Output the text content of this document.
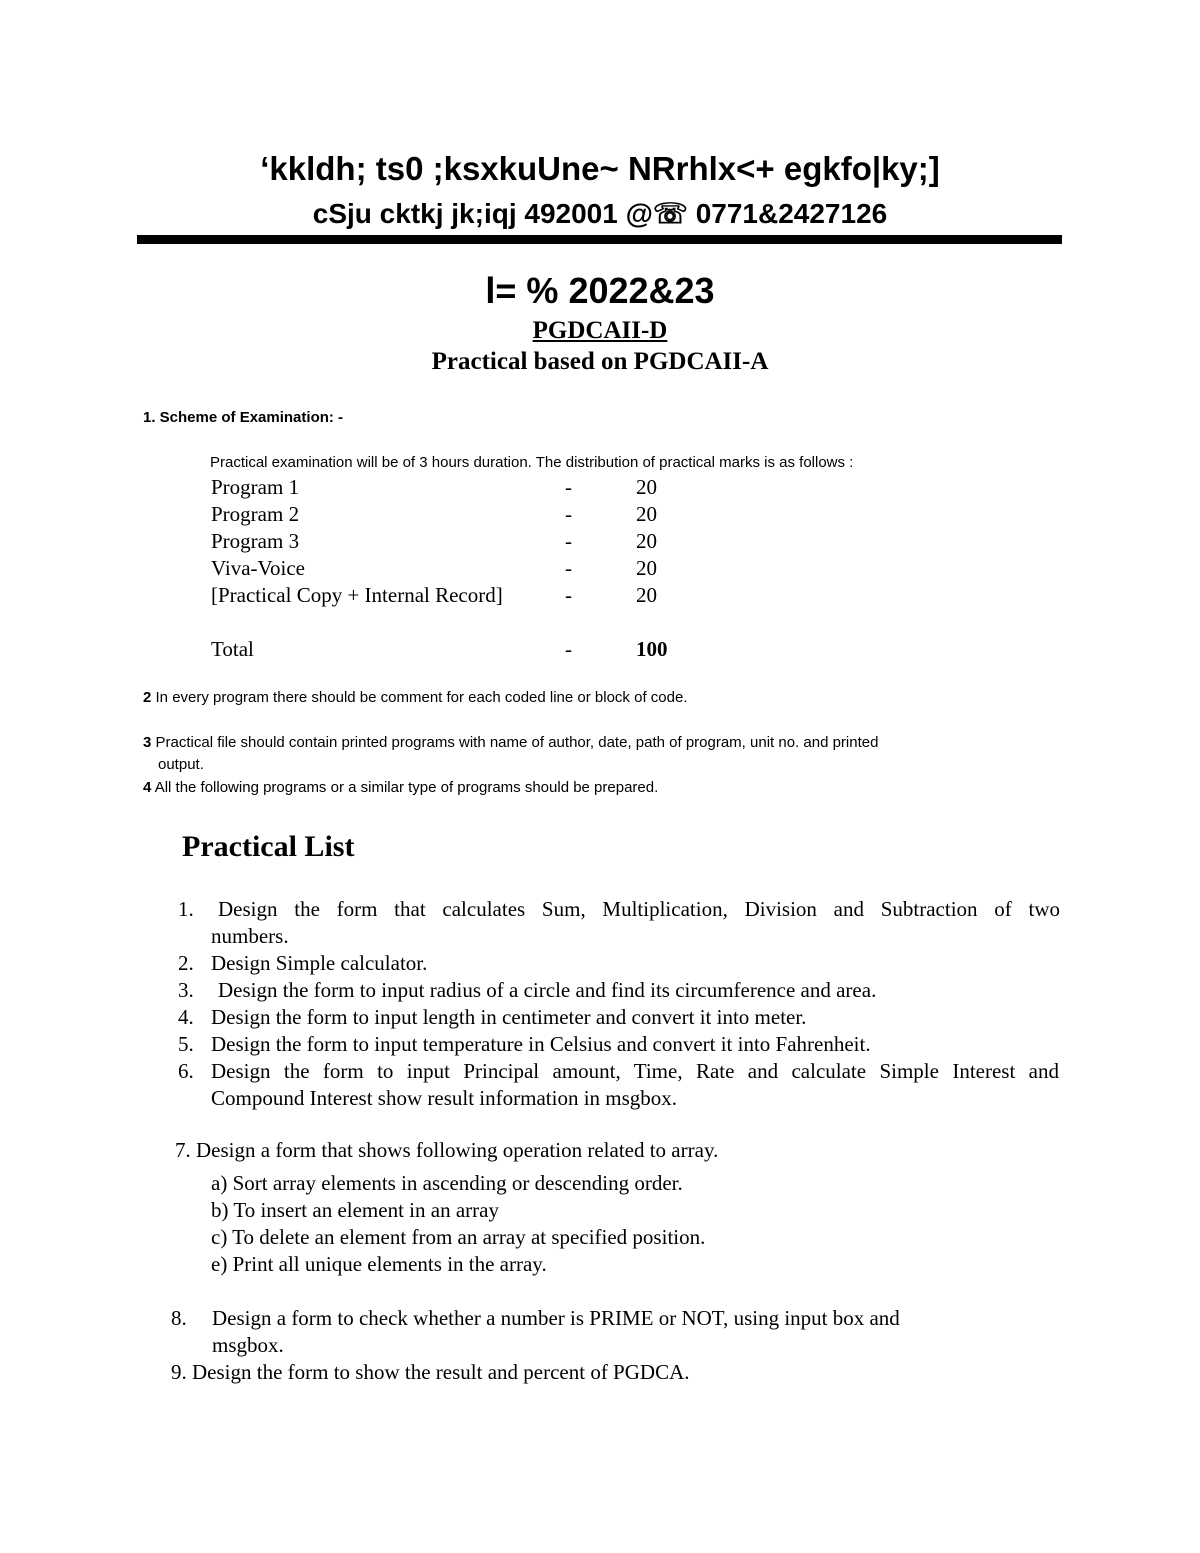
‘kkldh; ts0 ;ksxkuUne~ NRrhlx<+ egkfo|ky;]
cSju cktkj jk;iqj 492001 @☏ 0771&2427126
l= % 2022&23
PGDCAII-D
Practical based on PGDCAII-A
1. Scheme of Examination: -
Practical examination will be of 3 hours duration. The distribution of practical marks is as follows :
Program 1	-	20
Program 2	-	20
Program 3	-	20
Viva-Voice	-	20
[Practical Copy + Internal Record]	-	20
Total	-	100
2 In every program there should be comment for each coded line or block of code.
3 Practical file should contain printed programs with name of author, date, path of program, unit no. and printed
output.
4 All the following programs or a similar type of programs should be prepared.
Practical List
1. Design the form that calculates Sum, Multiplication, Division and Subtraction of two
numbers.
2. Design Simple calculator.
3. Design the form to input radius of a circle and find its circumference and area.
4. Design the form to input length in centimeter and convert it into meter.
5. Design the form to input temperature in Celsius and convert it into Fahrenheit.
6. Design the form to input Principal amount, Time, Rate and calculate Simple Interest and
Compound Interest show result information in msgbox.
7. Design a form that shows following operation related to array.
a) Sort array elements in ascending or descending order.
b) To insert an element in an array
c) To delete an element from an array at specified position.
e) Print all unique elements in the array.
8. Design a form to check whether a number is PRIME or NOT, using input box and
msgbox.
9. Design the form to show the result and percent of PGDCA.
